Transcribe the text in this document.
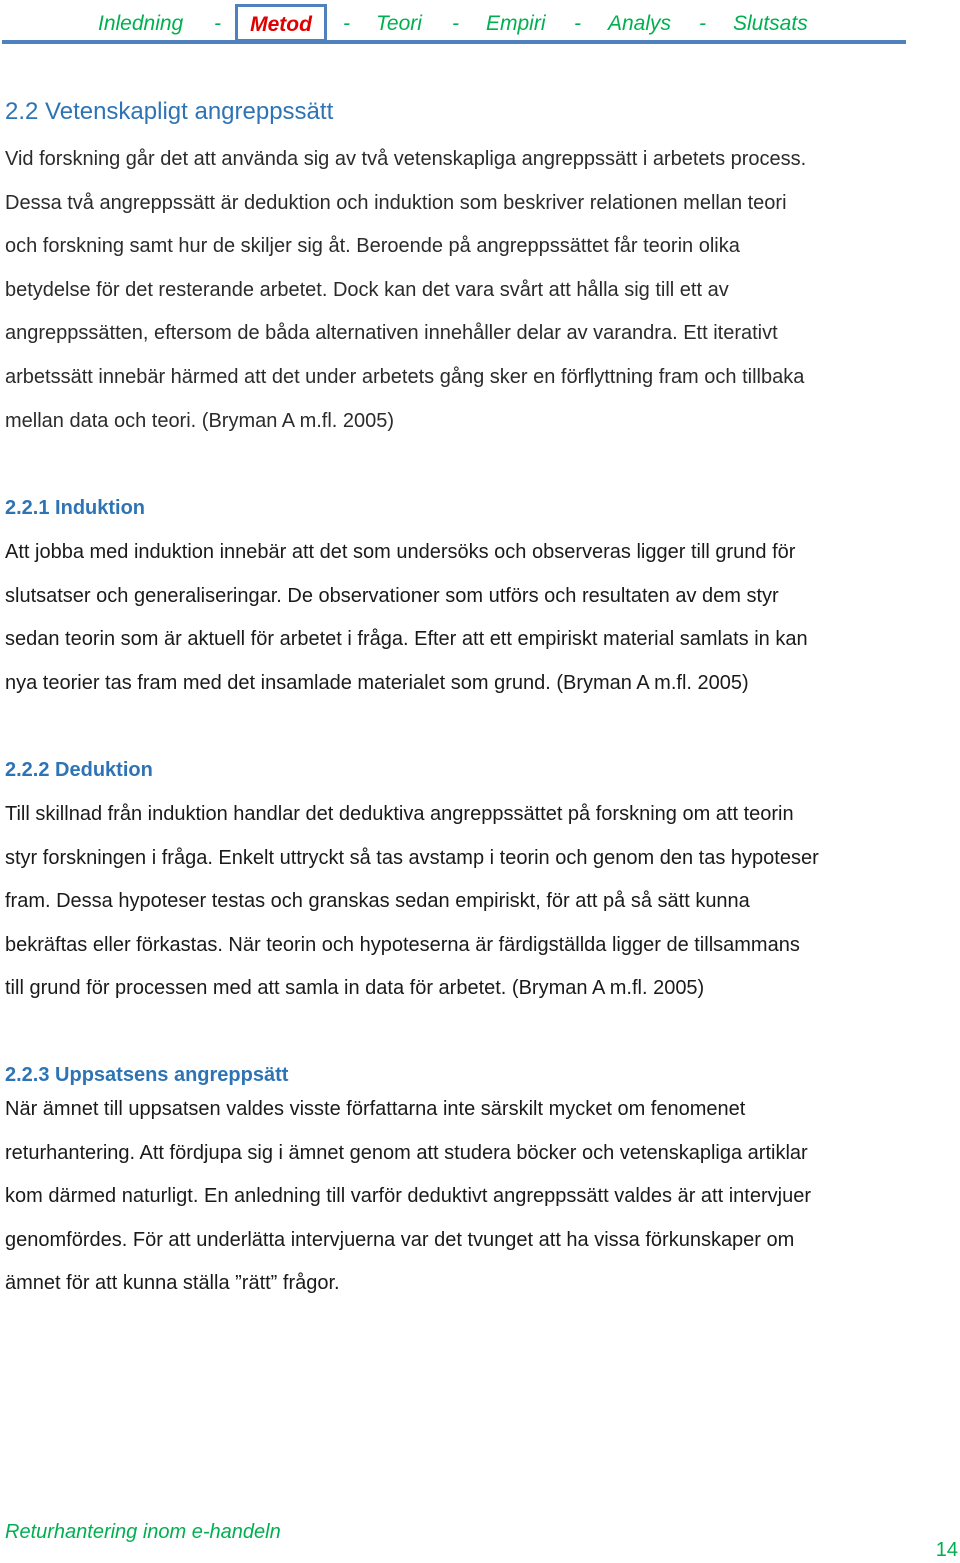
Inledning -	Metod	- Teori - Empiri - Analys - Slutsats
2.2 Vetenskapligt angreppssätt
Vid forskning går det att använda sig av två vetenskapliga angreppssätt i arbetets process.
Dessa två angreppssätt är deduktion och induktion som beskriver relationen mellan teori
och forskning samt hur de skiljer sig åt. Beroende på angreppssättet får teorin olika
betydelse för det resterande arbetet. Dock kan det vara svårt att hålla sig till ett av
angreppssätten, eftersom de båda alternativen innehåller delar av varandra. Ett iterativt
arbetssätt innebär härmed att det under arbetets gång sker en förflyttning fram och tillbaka
mellan data och teori. (Bryman A m.fl. 2005)
2.2.1 Induktion
Att jobba med induktion innebär att det som undersöks och observeras ligger till grund för
slutsatser och generaliseringar. De observationer som utförs och resultaten av dem styr
sedan teorin som är aktuell för arbetet i fråga. Efter att ett empiriskt material samlats in kan
nya teorier tas fram med det insamlade materialet som grund. (Bryman A m.fl. 2005)
2.2.2 Deduktion
Till skillnad från induktion handlar det deduktiva angreppssättet på forskning om att teorin
styr forskningen i fråga. Enkelt uttryckt så tas avstamp i teorin och genom den tas hypoteser
fram. Dessa hypoteser testas och granskas sedan empiriskt, för att på så sätt kunna
bekräftas eller förkastas. När teorin och hypoteserna är färdigställda ligger de tillsammans
till grund för processen med att samla in data för arbetet. (Bryman A m.fl. 2005)
2.2.3 Uppsatsens angreppsätt
När ämnet till uppsatsen valdes visste författarna inte särskilt mycket om fenomenet
returhantering. Att fördjupa sig i ämnet genom att studera böcker och vetenskapliga artiklar
kom därmed naturligt. En anledning till varför deduktivt angreppssätt valdes är att intervjuer
genomfördes. För att underlätta intervjuerna var det tvunget att ha vissa förkunskaper om
ämnet för att kunna ställa ”rätt” frågor.
Returhantering inom e-handeln
14
